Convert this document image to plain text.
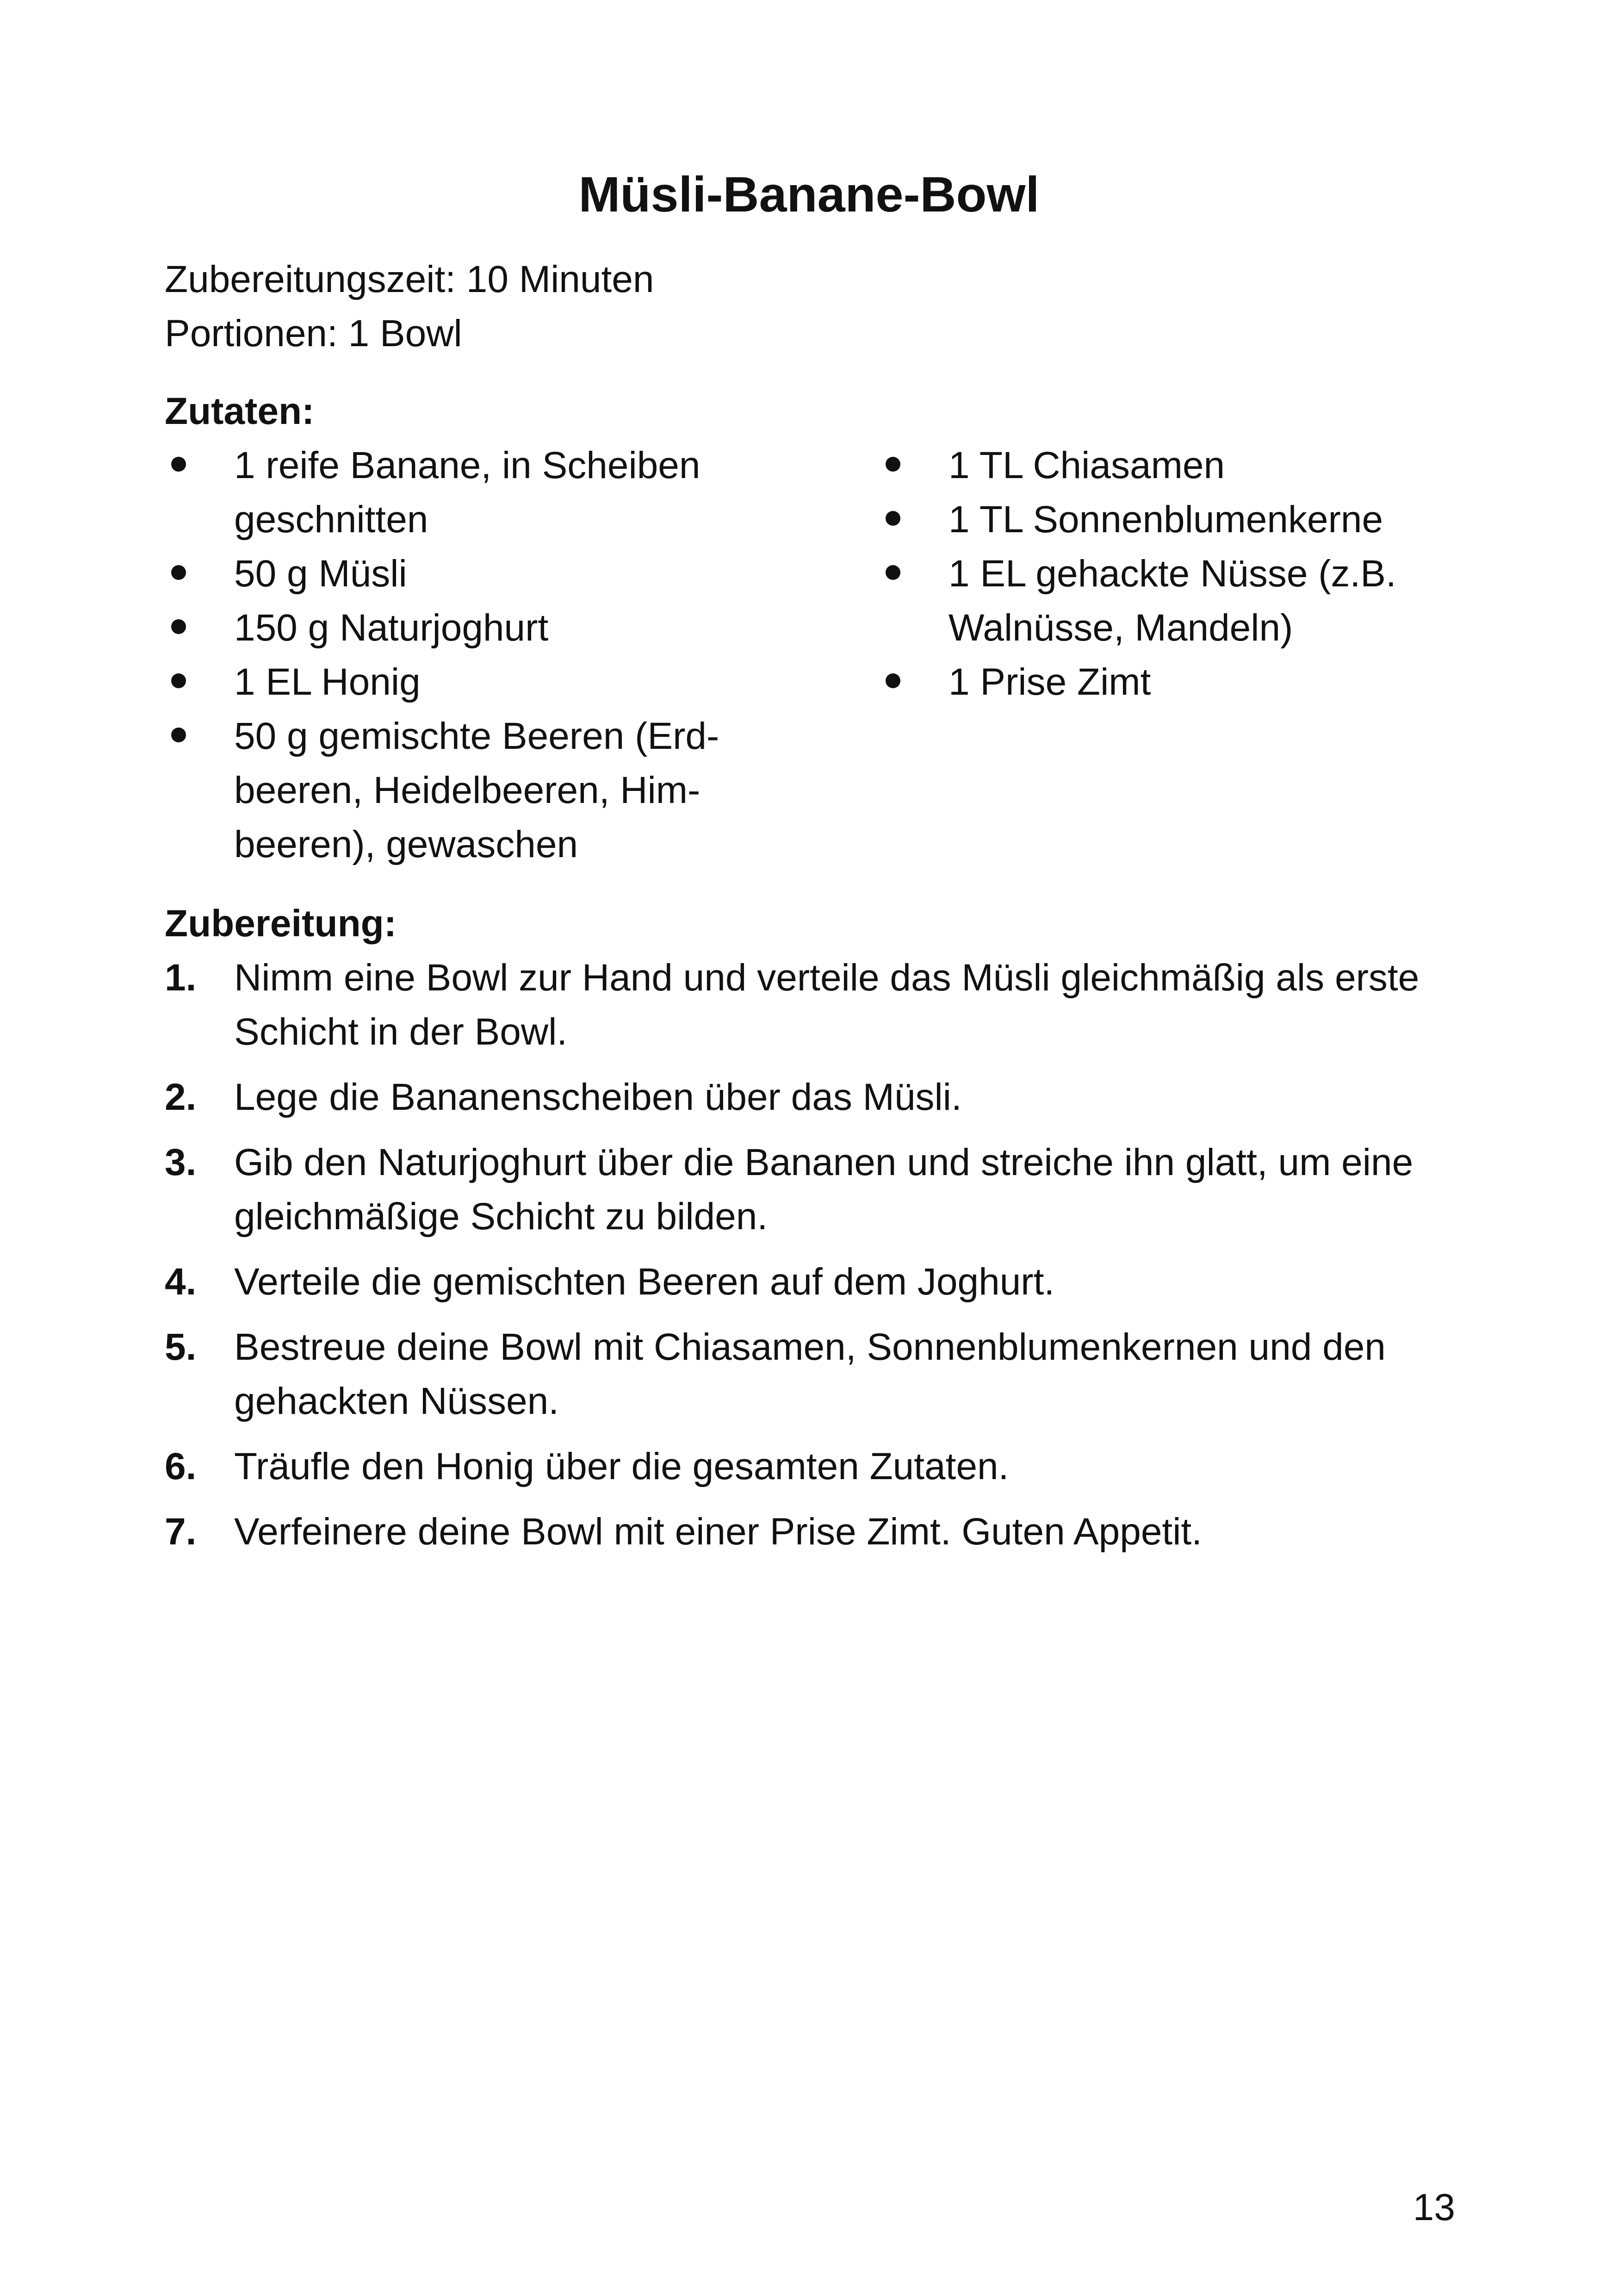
Müsli-Banane-Bowl
Zubereitungszeit: 10 Minuten
Portionen: 1 Bowl
Zutaten:
1 reife Banane, in Scheiben geschnitten
50 g Müsli
150 g Naturjoghurt
1 EL Honig
50 g gemischte Beeren (Erd- beeren, Heidelbeeren, Him- beeren), gewaschen
1 TL Chiasamen
1 TL Sonnenblumenkerne
1 EL gehackte Nüsse (z.B. Walnüsse, Mandeln)
1 Prise Zimt
Zubereitung:
1. Nimm eine Bowl zur Hand und verteile das Müsli gleichmäßig als erste Schicht in der Bowl.
2. Lege die Bananenscheiben über das Müsli.
3. Gib den Naturjoghurt über die Bananen und streiche ihn glatt, um eine gleichmäßige Schicht zu bilden.
4. Verteile die gemischten Beeren auf dem Joghurt.
5. Bestreue deine Bowl mit Chiasamen, Sonnenblumenkernen und den gehackten Nüssen.
6. Träufle den Honig über die gesamten Zutaten.
7. Verfeinere deine Bowl mit einer Prise Zimt. Guten Appetit.
13
